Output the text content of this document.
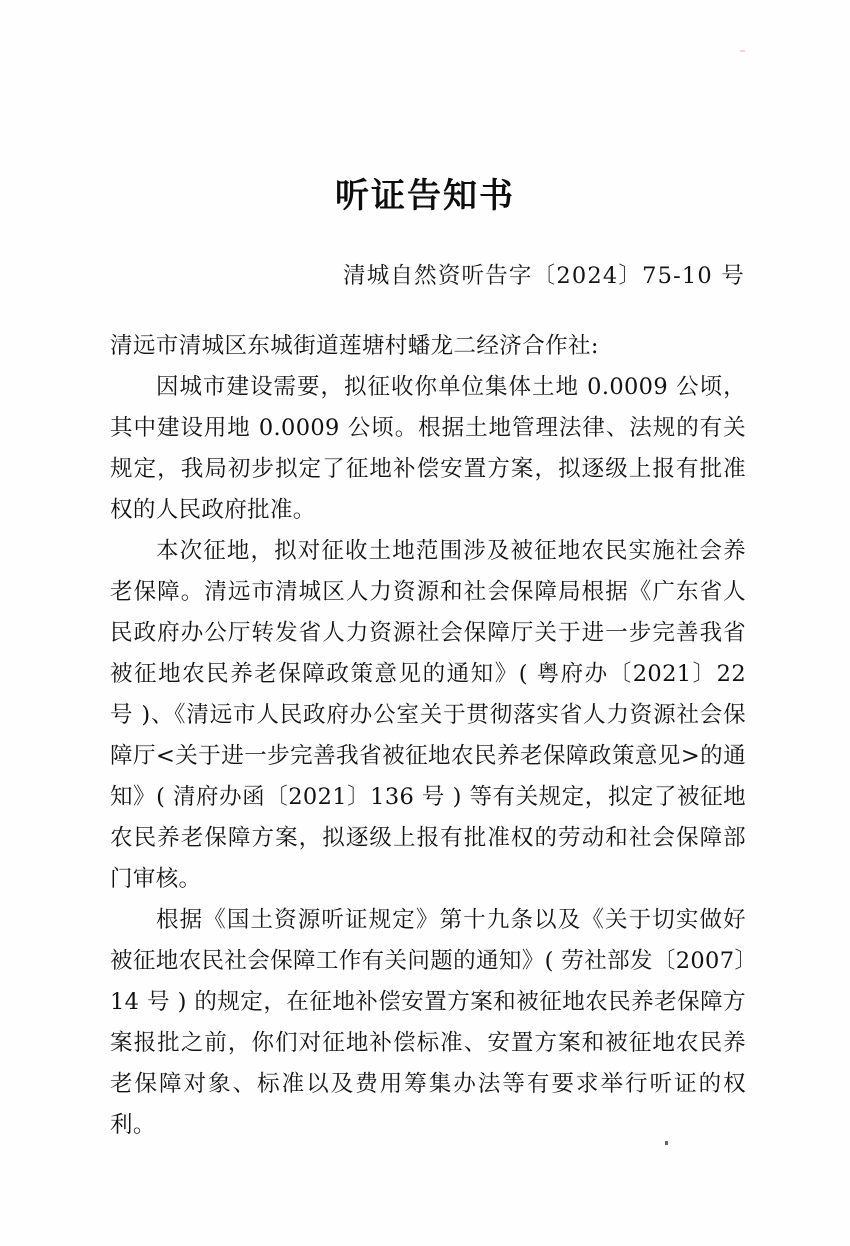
听证告知书
清城自然资听告字〔2024〕75-10 号
清远市清城区东城街道莲塘村蟠龙二经济合作社:

因城市建设需要，拟征收你单位集体土地 0.0009 公顷，其中建设用地 0.0009 公顷。根据土地管理法律、法规的有关规定，我局初步拟定了征地补偿安置方案，拟逐级上报有批准权的人民政府批准。

本次征地，拟对征收土地范围涉及被征地农民实施社会养老保障。清远市清城区人力资源和社会保障局根据《广东省人民政府办公厅转发省人力资源社会保障厅关于进一步完善我省被征地农民养老保障政策意见的通知》( 粤府办〔2021〕22 号 )、《清远市人民政府办公室关于贯彻落实省人力资源社会保障厅<关于进一步完善我省被征地农民养老保障政策意见>的通知》( 清府办函〔2021〕136 号 ) 等有关规定，拟定了被征地农民养老保障方案，拟逐级上报有批准权的劳动和社会保障部门审核。

根据《国土资源听证规定》第十九条以及《关于切实做好被征地农民社会保障工作有关问题的通知》( 劳社部发〔2007〕14 号 ) 的规定，在征地补偿安置方案和被征地农民养老保障方案报批之前，你们对征地补偿标准、安置方案和被征地农民养老保障对象、标准以及费用筹集办法等有要求举行听证的权利。
